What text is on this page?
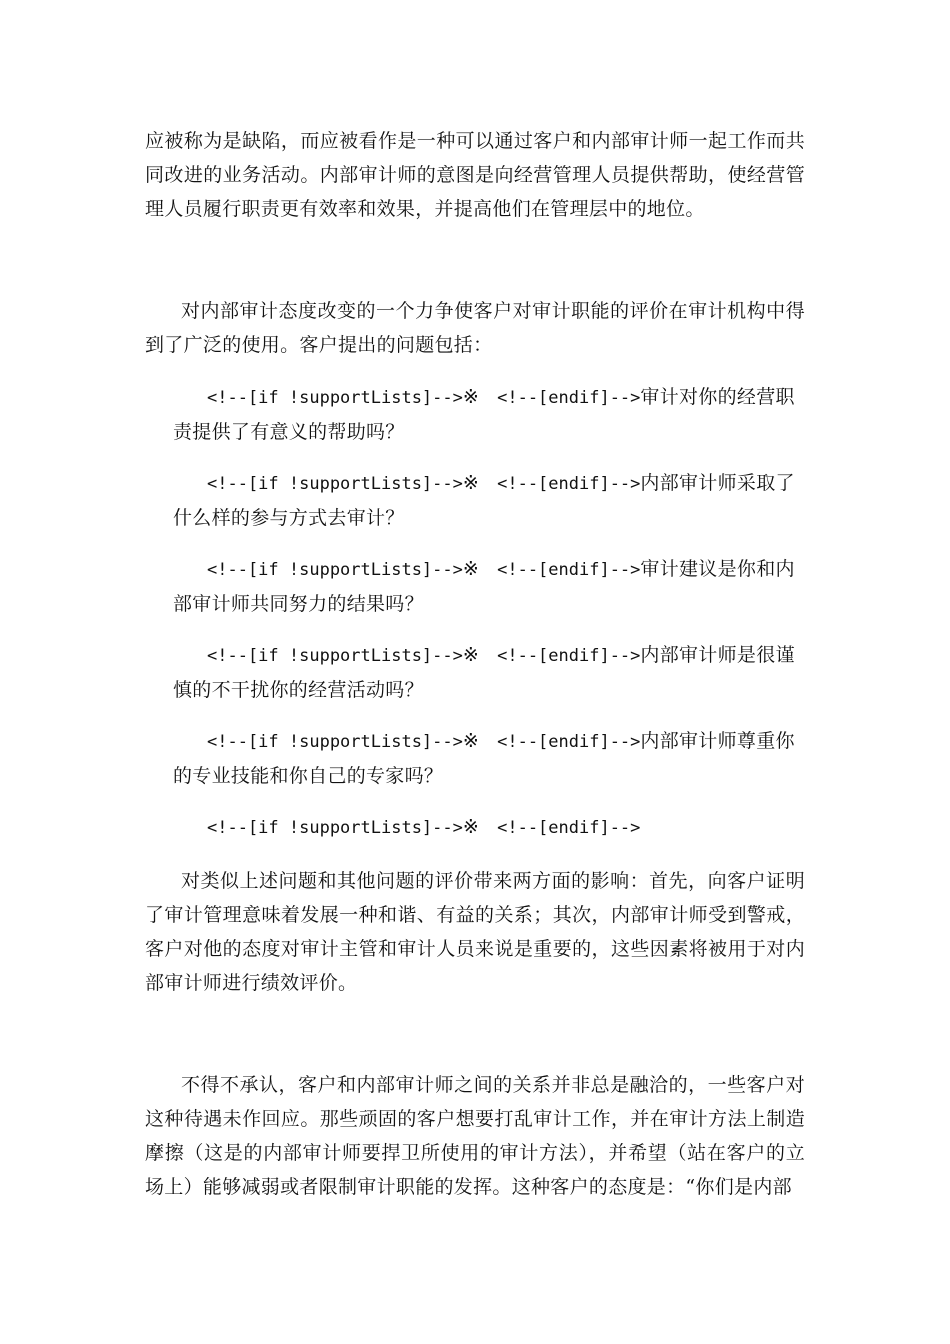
应被称为是缺陷，而应被看作是一种可以通过客户和内部审计师一起工作而共同改进的业务活动。内部审计师的意图是向经营管理人员提供帮助，使经营管理人员履行职责更有效率和效果，并提高他们在管理层中的地位。

对内部审计态度改变的一个力争使客户对审计职能的评价在审计机构中得到了广泛的使用。客户提出的问题包括：

<!--[if !supportLists]-->※ <!--[endif]-->审计对你的经营职责提供了有意义的帮助吗？

<!--[if !supportLists]-->※ <!--[endif]-->内部审计师采取了什么样的参与方式去审计？

<!--[if !supportLists]-->※ <!--[endif]-->审计建议是你和内部审计师共同努力的结果吗？

<!--[if !supportLists]-->※ <!--[endif]-->内部审计师是很谨慎的不干扰你的经营活动吗？

<!--[if !supportLists]-->※ <!--[endif]-->内部审计师尊重你的专业技能和你自己的专家吗？

<!--[if !supportLists]-->※ <!--[endif]-->

对类似上述问题和其他问题的评价带来两方面的影响：首先，向客户证明了审计管理意味着发展一种和谐、有益的关系；其次，内部审计师受到警戒，客户对他的态度对审计主管和审计人员来说是重要的，这些因素将被用于对内部审计师进行绩效评价。

不得不承认，客户和内部审计师之间的关系并非总是融洽的，一些客户对这种待遇未作回应。那些顽固的客户想要打乱审计工作，并在审计方法上制造摩擦（这是的内部审计师要捍卫所使用的审计方法），并希望（站在客户的立场上）能够减弱或者限制审计职能的发挥。这种客户的态度是：“你们是内部
